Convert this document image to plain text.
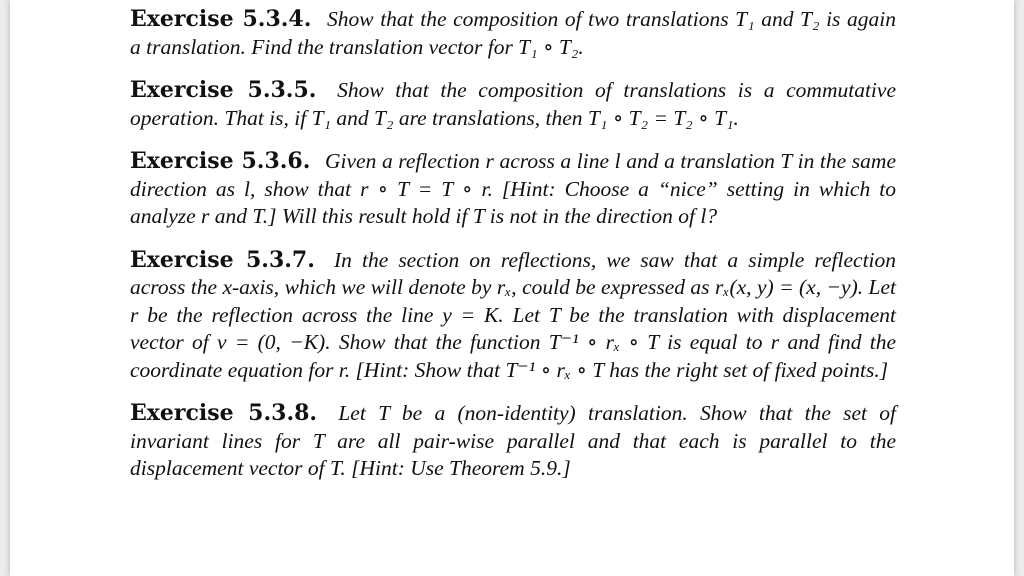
Exercise 5.3.4. Show that the composition of two translations T₁ and T₂ is again a translation. Find the translation vector for T₁ ∘ T₂.

Exercise 5.3.5. Show that the composition of translations is a commutative operation. That is, if T₁ and T₂ are translations, then T₁ ∘ T₂ = T₂ ∘ T₁.

Exercise 5.3.6. Given a reflection r across a line l and a translation T in the same direction as l, show that r ∘ T = T ∘ r. [Hint: Choose a “nice” setting in which to analyze r and T.] Will this result hold if T is not in the direction of l?

Exercise 5.3.7. In the section on reflections, we saw that a simple reflection across the x-axis, which we will denote by rₓ, could be expressed as rₓ(x, y) = (x, −y). Let r be the reflection across the line y = K. Let T be the translation with displacement vector of v = (0, −K). Show that the function T⁻¹ ∘ rₓ ∘ T is equal to r and find the coordinate equation for r. [Hint: Show that T⁻¹ ∘ rₓ ∘ T has the right set of fixed points.]

Exercise 5.3.8. Let T be a (non-identity) translation. Show that the set of invariant lines for T are all pair-wise parallel and that each is parallel to the displacement vector of T. [Hint: Use Theorem 5.9.]
